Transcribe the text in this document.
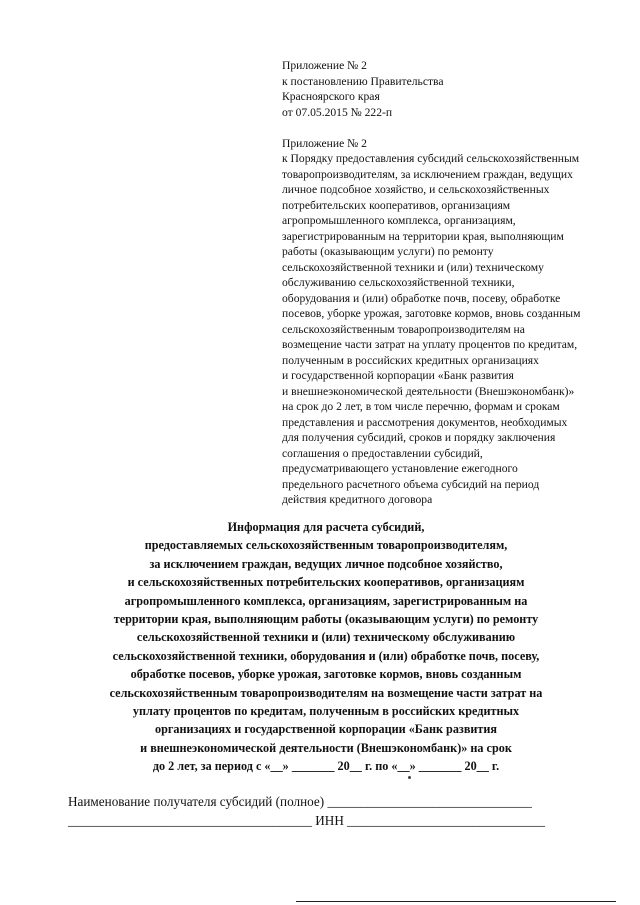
Приложение № 2
к постановлению Правительства
Красноярского края
от 07.05.2015 № 222-п
Приложение № 2
к Порядку предоставления субсидий сельскохозяйственным
товаропроизводителям, за исключением граждан, ведущих
личное подсобное хозяйство, и сельскохозяйственных
потребительских кооперативов, организациям
агропромышленного комплекса, организациям,
зарегистрированным на территории края, выполняющим
работы (оказывающим услуги) по ремонту
сельскохозяйственной техники и (или) техническому
обслуживанию сельскохозяйственной техники,
оборудования и (или) обработке почв, посеву, обработке
посевов, уборке урожая, заготовке кормов, вновь созданным
сельскохозяйственным товаропроизводителям на
возмещение части затрат на уплату процентов по кредитам,
полученным в российских кредитных организациях
и государственной корпорации «Банк развития
и внешнеэкономической деятельности (Внешэкономбанк)»
на срок до 2 лет, в том числе перечню, формам и срокам
представления и рассмотрения документов, необходимых
для получения субсидий, сроков и порядку заключения
соглашения о предоставлении субсидий,
предусматривающего установление ежегодного
предельного расчетного объема субсидий на период
действия кредитного договора
Информация для расчета субсидий,
предоставляемых сельскохозяйственным товаропроизводителям,
за исключением граждан, ведущих личное подсобное хозяйство,
и сельскохозяйственных потребительских кооперативов, организациям
агропромышленного комплекса, организациям, зарегистрированным на
территории края, выполняющим работы (оказывающим услуги) по ремонту
сельскохозяйственной техники и (или) техническому обслуживанию
сельскохозяйственной техники, оборудования и (или) обработке почв, посеву,
обработке посевов, уборке урожая, заготовке кормов, вновь созданным
сельскохозяйственным товаропроизводителям на возмещение части затрат на
уплату процентов по кредитам, полученным в российских кредитных
организациях и государственной корпорации «Банк развития
и внешнеэкономической деятельности (Внешэкономбанк)» на срок
до 2 лет, за период с «__» _______ 20__ г. по «__» _______ 20__ г.
Наименование получателя субсидий (полное) _______________________________
_____________________________________ ИНН ______________________________
